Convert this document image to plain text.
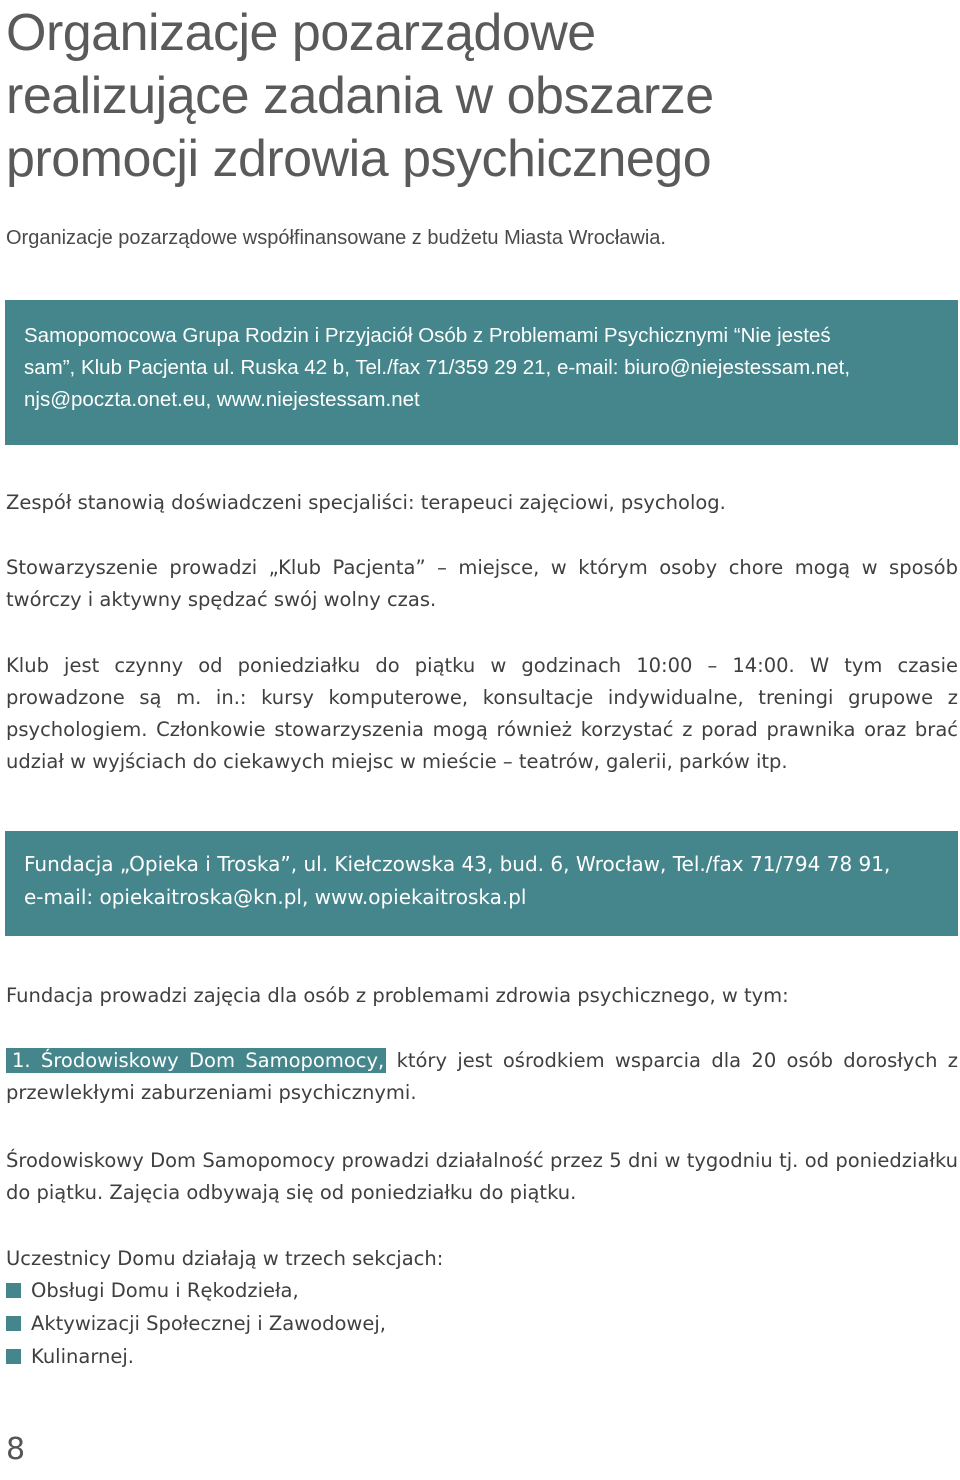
Organizacje pozarządowe
realizujące zadania w obszarze
promocji zdrowia psychicznego
Organizacje pozarządowe współfinansowane z budżetu Miasta Wrocławia.
Samopomocowa Grupa Rodzin i Przyjaciół Osób z Problemami Psychicznymi “Nie jesteś
sam”, Klub Pacjenta ul. Ruska 42 b, Tel./fax 71/359 29 21, e-mail: biuro@niejestessam.net,
njs@poczta.onet.eu, www.niejestessam.net
Zespół stanowią doświadczeni specjaliści: terapeuci zajęciowi, psycholog.
Stowarzyszenie prowadzi „Klub Pacjenta” – miejsce, w którym osoby chore mogą w sposób twórczy i aktywny spędzać swój wolny czas.
Klub jest czynny od poniedziałku do piątku w godzinach 10:00 – 14:00. W tym czasie prowadzone są m. in.: kursy komputerowe, konsultacje indywidualne, treningi grupowe z psychologiem. Członkowie stowarzyszenia mogą również korzystać z porad prawnika oraz brać udział w wyjściach do ciekawych miejsc w mieście – teatrów, galerii, parków itp.
Fundacja „Opieka i Troska”, ul. Kiełczowska 43, bud. 6, Wrocław, Tel./fax 71/794 78 91,
e-mail: opiekaitroska@kn.pl, www.opiekaitroska.pl
Fundacja prowadzi zajęcia dla osób z problemami zdrowia psychicznego, w tym:
1. Środowiskowy Dom Samopomocy, który jest ośrodkiem wsparcia dla 20 osób dorosłych z przewlekłymi zaburzeniami psychicznymi.
Środowiskowy Dom Samopomocy prowadzi działalność przez 5 dni w tygodniu tj. od poniedziałku do piątku. Zajęcia odbywają się od poniedziałku do piątku.
Uczestnicy Domu działają w trzech sekcjach:
Obsługi Domu i Rękodzieła,
Aktywizacji Społecznej i Zawodowej,
Kulinarnej.
8
